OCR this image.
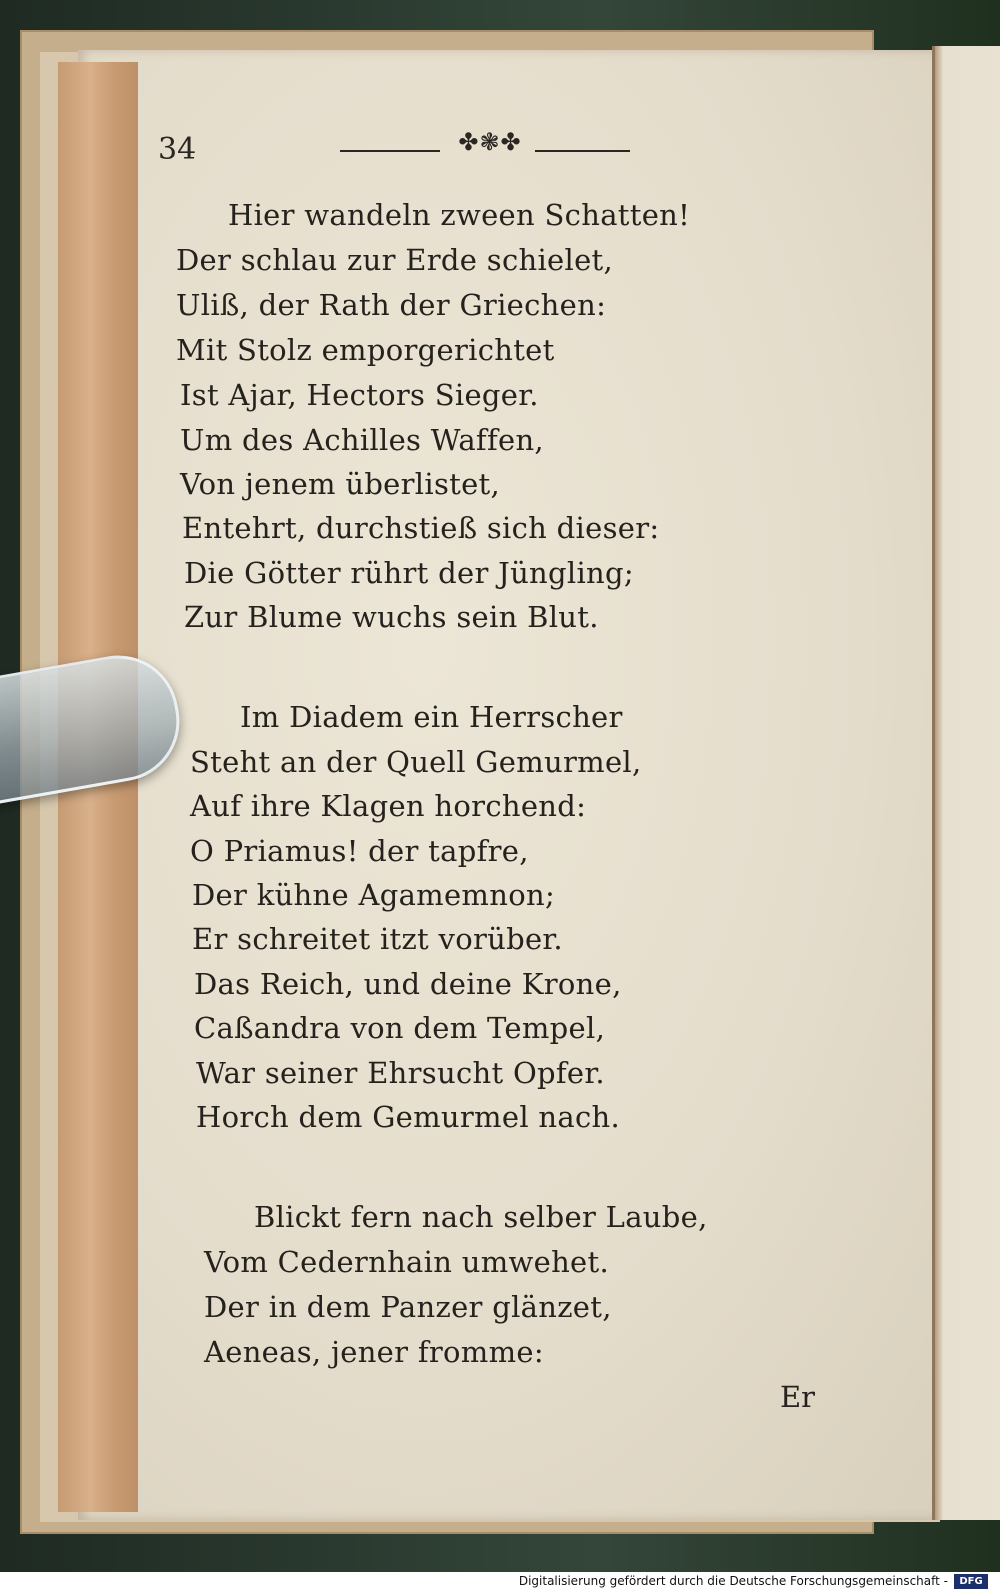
34	✤❃✤
Hier wandeln zween Schatten!
Der schlau zur Erde schielet,
Uliß, der Rath der Griechen:
Mit Stolz emporgerichtet
Ist Ajar, Hectors Sieger.
Um des Achilles Waffen,
Von jenem überlistet,
Entehrt, durchstieß sich dieser:
Die Götter rührt der Jüngling;
Zur Blume wuchs sein Blut.
Im Diadem ein Herrscher
Steht an der Quell Gemurmel,
Auf ihre Klagen horchend:
O Priamus! der tapfre,
Der kühne Agamemnon;
Er schreitet itzt vorüber.
Das Reich, und deine Krone,
Caßandra von dem Tempel,
War seiner Ehrsucht Opfer.
Horch dem Gemurmel nach.
Blickt fern nach selber Laube,
Vom Cedernhain umwehet.
Der in dem Panzer glänzet,
Aeneas, jener fromme:
Er
Digitalisierung gefördert durch die Deutsche Forschungsgemeinschaft -	DFG
